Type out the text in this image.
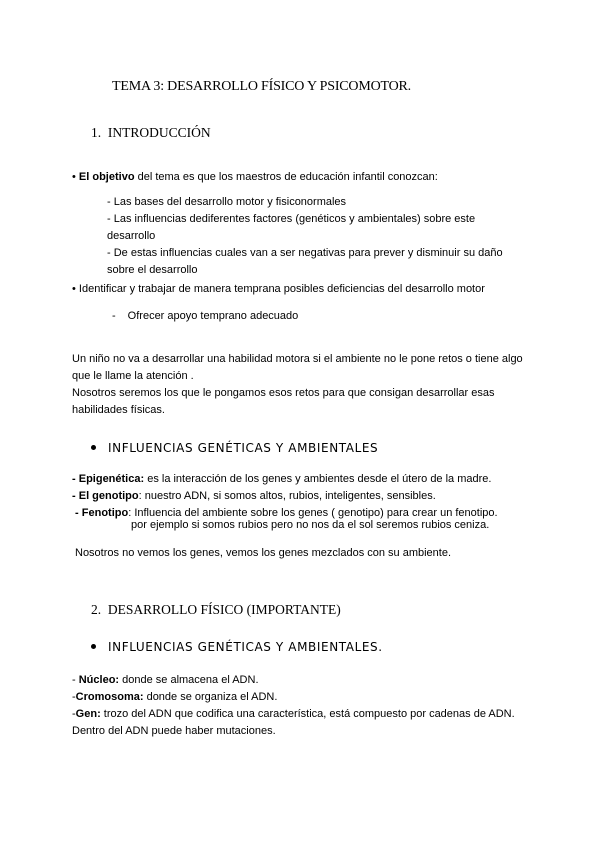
TEMA 3: DESARROLLO FÍSICO Y PSICOMOTOR.
1. INTRODUCCIÓN
• El objetivo del tema es que los maestros de educación infantil conozcan:
- Las bases del desarrollo motor y fisiconormales
- Las influencias dediferentes factores (genéticos y ambientales) sobre este
desarrollo
- De estas influencias cuales van a ser negativas para prever y disminuir su daño
sobre el desarrollo
• Identificar y trabajar de manera temprana posibles deficiencias del desarrollo motor
- Ofrecer apoyo temprano adecuado
Un niño no va a desarrollar una habilidad motora si el ambiente no le pone retos o tiene algo
que le llame la atención .
Nosotros seremos los que le pongamos esos retos para que consigan desarrollar esas
habilidades físicas.
INFLUENCIAS GENÉTICAS Y AMBIENTALES
- Epigenética: es la interacción de los genes y ambientes desde el útero de la madre.
- El genotipo: nuestro ADN, si somos altos, rubios, inteligentes, sensibles.
- Fenotipo: Influencia del ambiente sobre los genes ( genotipo) para crear un fenotipo.
por ejemplo si somos rubios pero no nos da el sol seremos rubios ceniza.
Nosotros no vemos los genes, vemos los genes mezclados con su ambiente.
2. DESARROLLO FÍSICO (IMPORTANTE)
INFLUENCIAS GENÉTICAS Y AMBIENTALES.
- Núcleo: donde se almacena el ADN.
-Cromosoma: donde se organiza el ADN.
-Gen: trozo del ADN que codifica una característica, está compuesto por cadenas de ADN.
Dentro del ADN puede haber mutaciones.
